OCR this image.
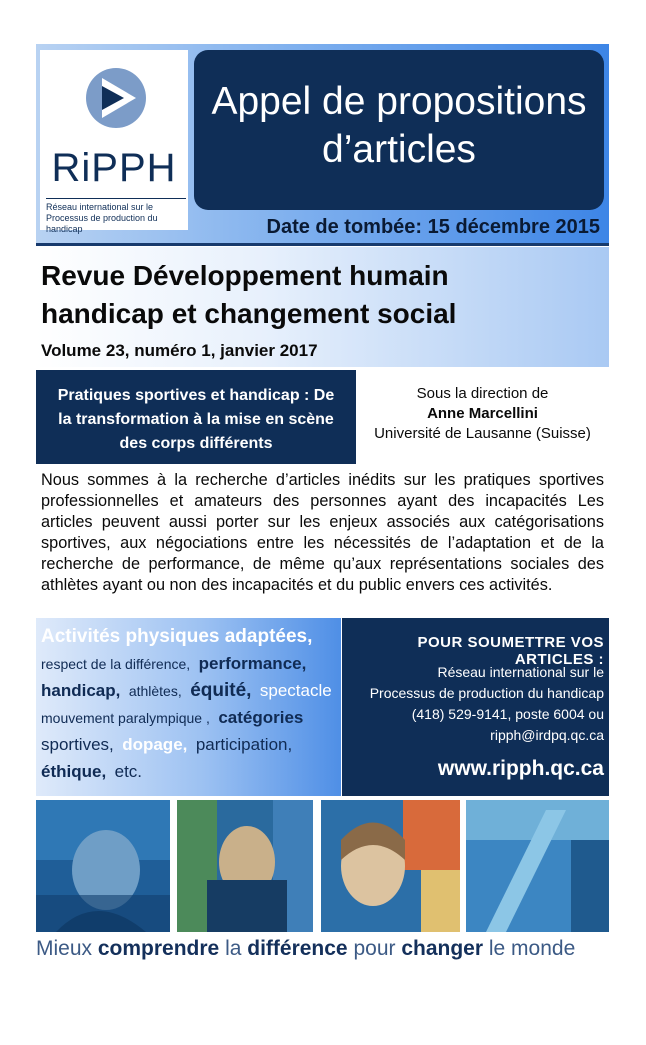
RiPPH
Réseau international sur le
Processus de production du handicap
Appel de propositions
d’articles
Date de tombée: 15 décembre 2015
Revue Développement humain
handicap et changement social
Volume 23, numéro 1, janvier 2017
Pratiques sportives et handicap : De
la transformation à la mise en scène
des corps différents
Sous la direction de
Anne Marcellini
Université de Lausanne (Suisse)
Nous sommes à la recherche d’articles inédits sur les pratiques sportives professionnelles et amateurs des personnes ayant des incapacités Les articles peuvent aussi porter sur les enjeux associés aux catégorisations sportives, aux négociations entre les nécessités de l’adaptation et de la recherche de performance, de même qu’aux représentations sociales des athlètes ayant ou non des incapacités et du public envers ces activités.
Activités physiques adaptées,
respect de la différence, performance,
handicap, athlètes, équité, spectacle
mouvement paralympique , catégories
sportives, dopage, participation,
éthique, etc.
POUR SOUMETTRE VOS ARTICLES :
Réseau international sur le
Processus de production du handicap
(418) 529-9141, poste 6004 ou
ripph@irdpq.qc.ca
www.ripph.qc.ca
Mieux comprendre la différence pour changer le monde
